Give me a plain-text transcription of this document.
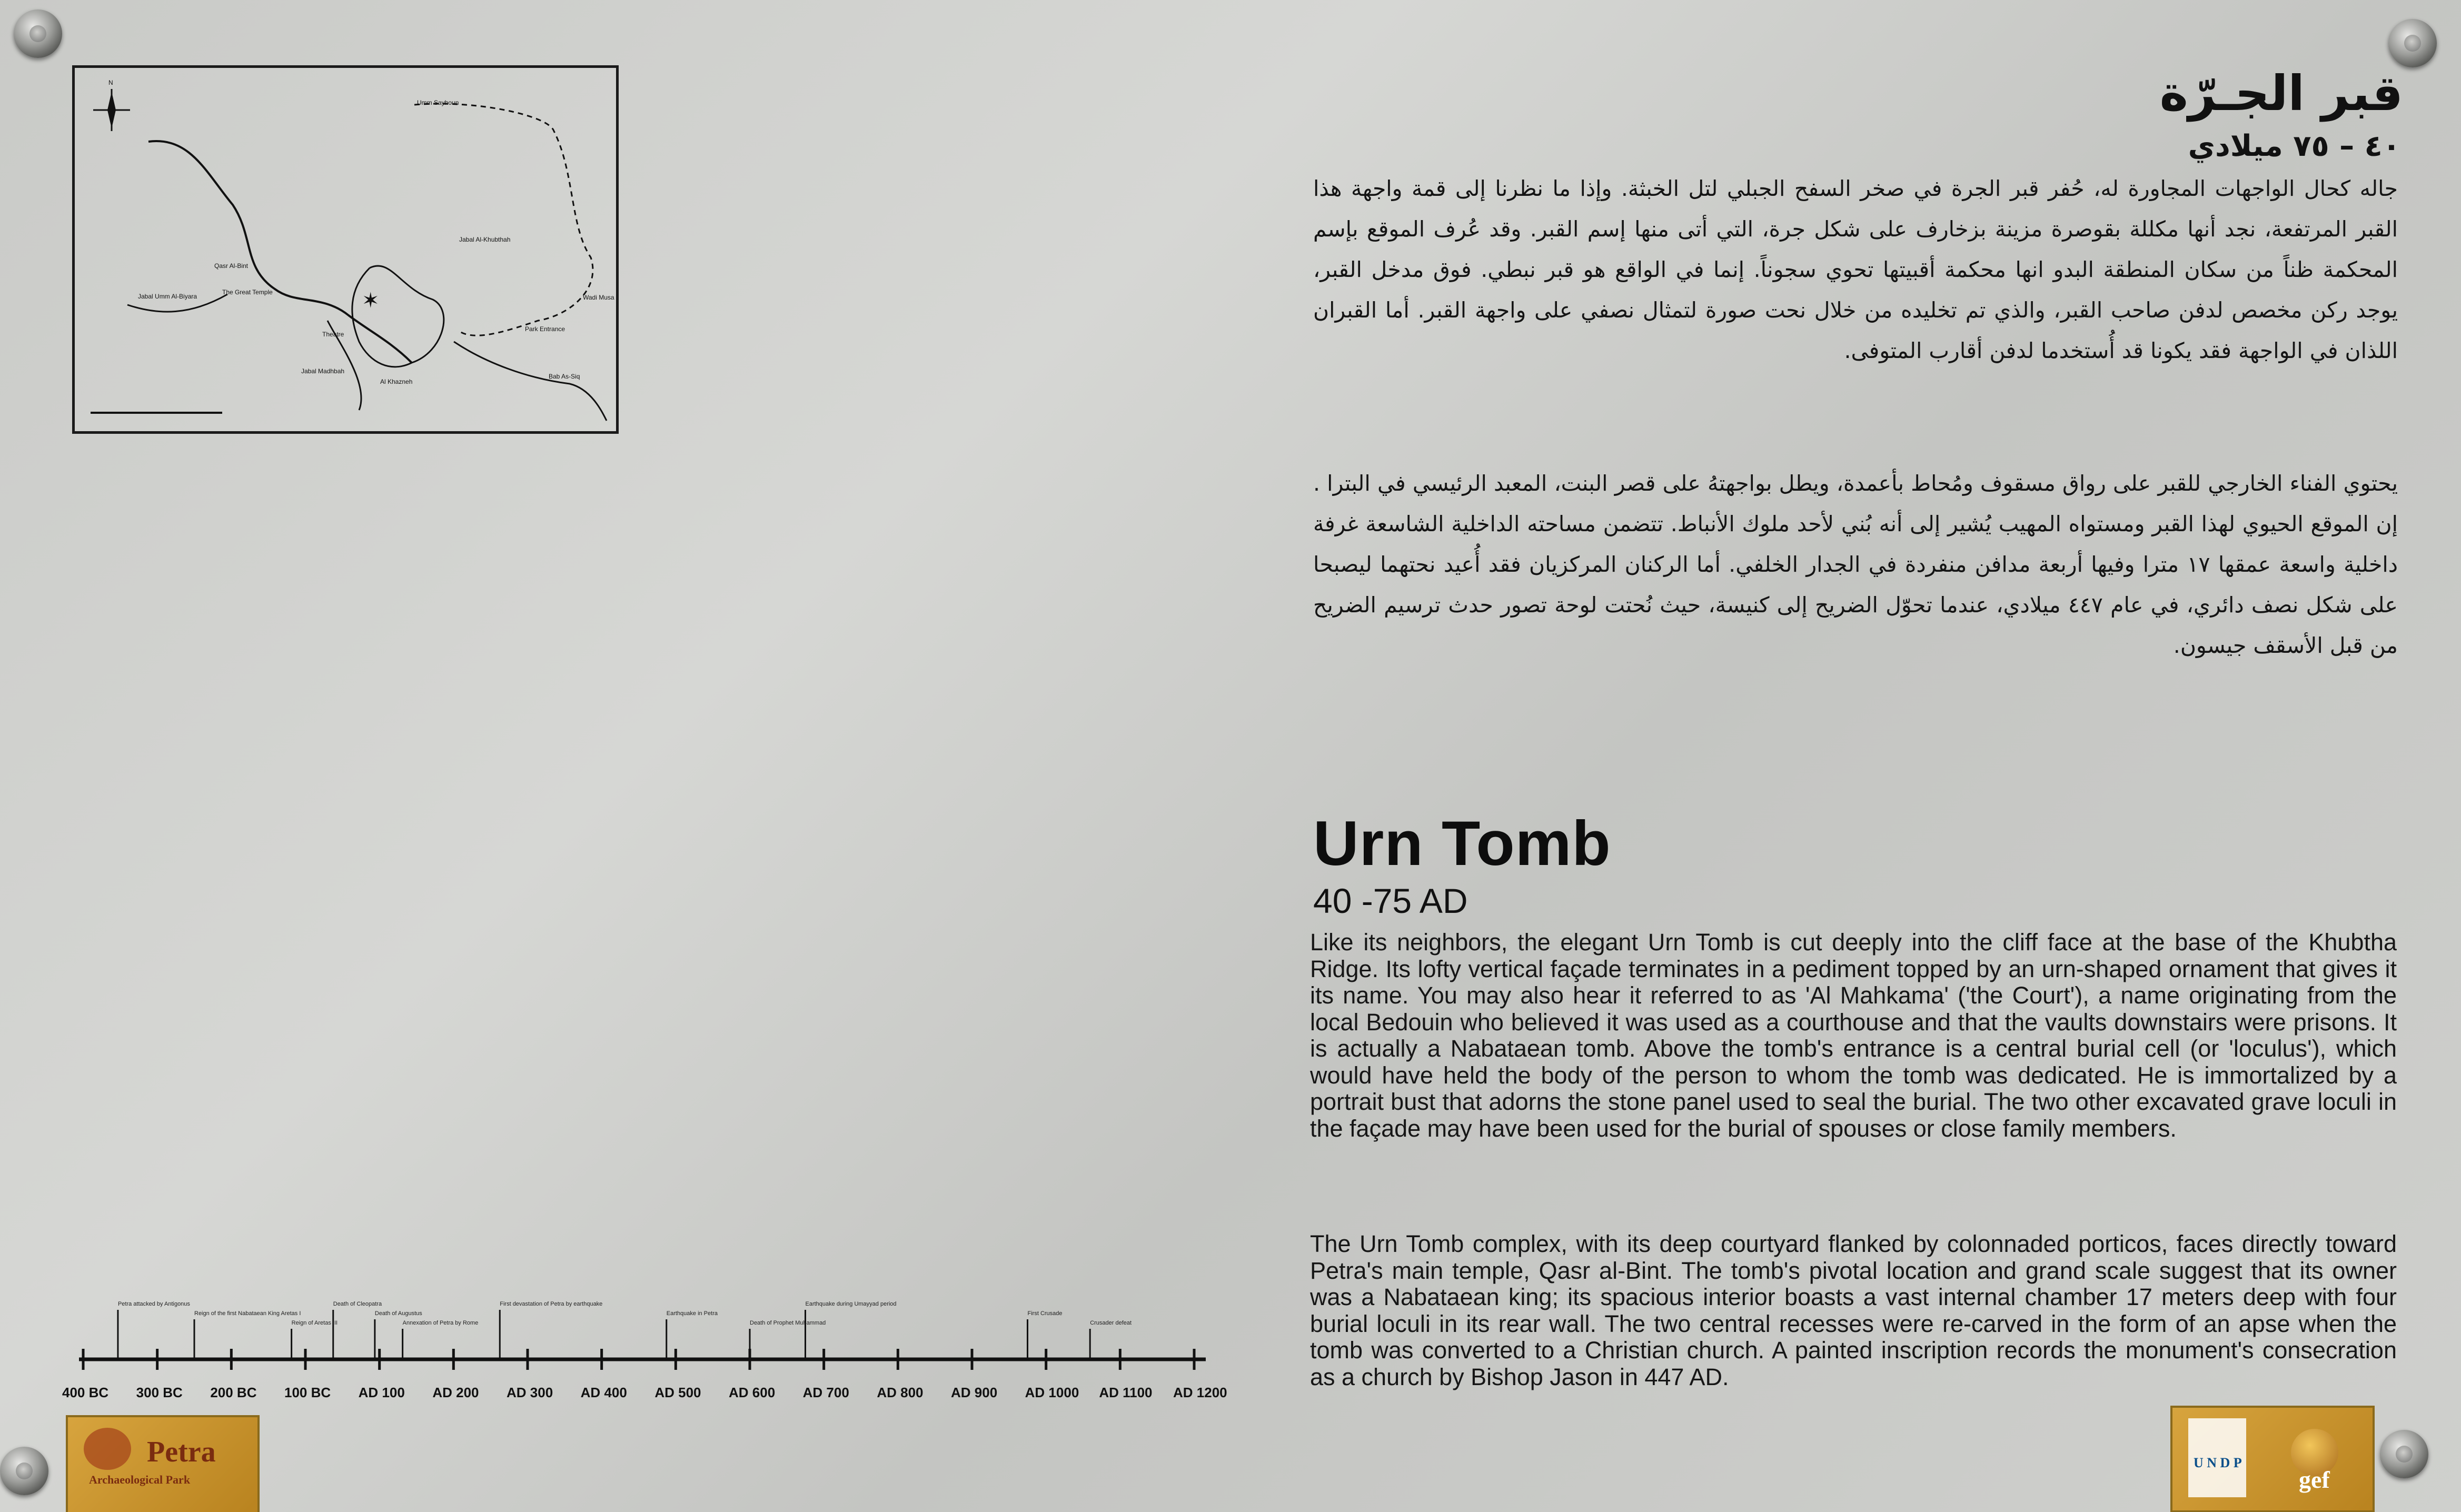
N
Umm Sayhoun
Qasr Al-Bint
Jabal Umm Al-Biyara
The Great Temple
Jabal Al-Khubthah
Wadi Musa
Theatre
Park Entrance
Jabal Madhbah
Al Khazneh
Bab As-Siq
✶
قبر الجـرّة
٤٠ – ٧٥ ميلادي
جاله كحال الواجهات المجاورة له، حُفر قبر الجرة في صخر السفح الجبلي لتل الخبثة. وإذا ما نظرنا إلى قمة واجهة هذا القبر المرتفعة، نجد أنها مكللة بقوصرة مزينة بزخارف على شكل جرة، التي أتى منها إسم القبر. وقد عُرف الموقع بإسم المحكمة ظناً من سكان المنطقة البدو انها محكمة أقبيتها تحوي سجوناً. إنما في الواقع هو قبر نبطي. فوق مدخل القبر، يوجد ركن مخصص لدفن صاحب القبر، والذي تم تخليده من خلال نحت صورة لتمثال نصفي على واجهة القبر. أما القبران اللذان في الواجهة فقد يكونا قد أُستخدما لدفن أقارب المتوفى.
يحتوي الفناء الخارجي للقبر على رواق مسقوف ومُحاط بأعمدة، ويطل بواجهتهُ على قصر البنت، المعبد الرئيسي في البترا . إن الموقع الحيوي لهذا القبر ومستواه المهيب يُشير إلى أنه بُني لأحد ملوك الأنباط. تتضمن مساحته الداخلية الشاسعة غرفة داخلية واسعة عمقها ١٧ مترا وفيها أربعة مدافن منفردة في الجدار الخلفي. أما الركنان المركزيان فقد أُعيد نحتهما ليصبحا على شكل نصف دائري، في عام ٤٤٧ ميلادي، عندما تحوّل الضريح إلى كنيسة، حيث نُحتت لوحة تصور حدث ترسيم الضريح من قبل الأسقف جيسون.
Urn Tomb
40 -75 AD
Like its neighbors, the elegant Urn Tomb is cut deeply into the cliff face at the base of the Khubtha Ridge. Its lofty vertical façade terminates in a pediment topped by an urn-shaped ornament that gives it its name. You may also hear it referred to as 'Al Mahkama' ('the Court'), a name originating from the local Bedouin who believed it was used as a courthouse and that the vaults downstairs were prisons. It is actually a Nabataean tomb. Above the tomb's entrance is a central burial cell (or 'loculus'), which would have held the body of the person to whom the tomb was dedicated. He is immortalized by a portrait bust that adorns the stone panel used to seal the burial. The two other excavated grave loculi in the façade may have been used for the burial of spouses or close family members.
The Urn Tomb complex, with its deep courtyard flanked by colonnaded porticos, faces directly toward Petra's main temple, Qasr al-Bint. The tomb's pivotal location and grand scale suggest that its owner was a Nabataean king; its spacious interior boasts a vast internal chamber 17 meters deep with four burial loculi in its rear wall. The two central recesses were re-carved in the form of an apse when the tomb was converted to a Christian church. A painted inscription records the monument's consecration as a church by Bishop Jason in 447 AD.
400 BC 300 BC 200 BC 100 BC AD 100 AD 200 AD 300 AD 400 AD 500 AD 600 AD 700 AD 800 AD 900 AD 1000 AD 1100 AD 1200
Petra attacked by Antigonus
Reign of the first Nabataean King Aretas I
Reign of Aretas III
Death of Cleopatra
Death of Augustus
Annexation of Petra by Rome
First devastation of Petra by earthquake
Earthquake in Petra
Death of Prophet Muhammad
Earthquake during Umayyad period
First Crusade
Crusader defeat
Petra
Archaeological Park
U N D P
gef
